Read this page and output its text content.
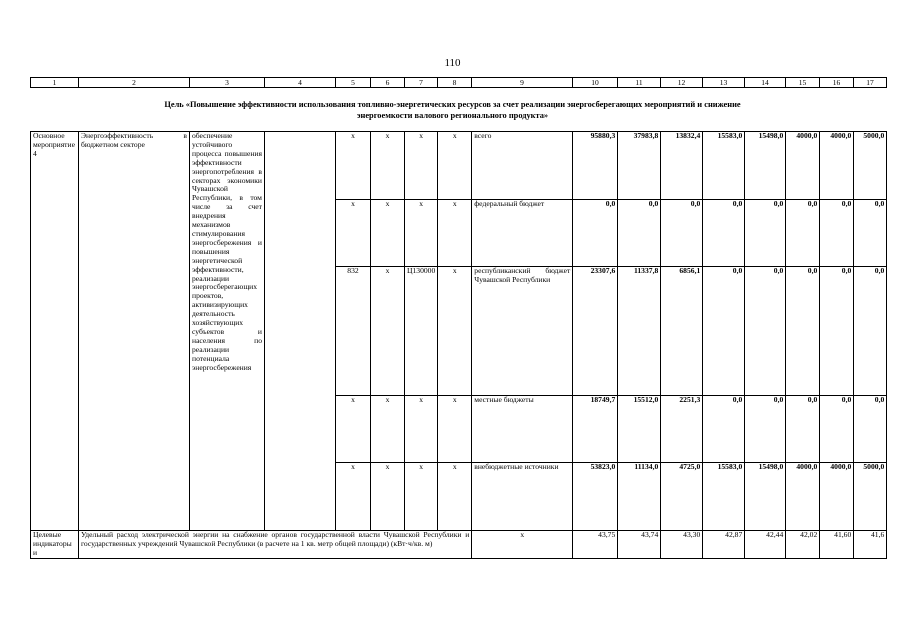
110
1	2	3	4	5	6	7	8	9	10	11	12	13	14	15	16	17
Цель «Повышение эффективности использования топливно-энергетических ресурсов за счет реализации энергосберегающих мероприятий и снижение энергоемкости валового регионального продукта»
Основное мероприятие 4	Энергоэффективность в бюджетном секторе	обеспечение устойчивого процесса повышения эффективности энергопотребления в секторах экономики Чувашской Республики, в том числе за счет внедрения механизмов стимулирования энергосбережения и повышения энергетической эффективности, реализации энергосберегающих проектов, активизирующих деятельность хозяйствующих субъектов и населения по реализации потенциала энергосбережения		x	x	x	x	всего	95880,3	37983,8	13832,4	15583,0	15498,0	4000,0	4000,0	5000,0
				x	x	x	x	федеральный бюджет	0,0	0,0	0,0	0,0	0,0	0,0	0,0	0,0
				832	x	Ц130000	x	республиканский бюджет Чувашской Республики	23307,6	11337,8	6856,1	0,0	0,0	0,0	0,0	0,0
				x	x	x	x	местные бюджеты	18749,7	15512,0	2251,3	0,0	0,0	0,0	0,0	0,0
				x	x	x	x	внебюджетные источники	53823,0	11134,0	4725,0	15583,0	15498,0	4000,0	4000,0	5000,0
Целевые индикаторы и	Удельный расход электрической энергии на снабжение органов государственной власти Чувашской Республики и государственных учреждений Чувашской Республики (в расчете на 1 кв. метр общей площади) (кВт·ч/кв. м)							x	43,75	43,74	43,30	42,87	42,44	42,02	41,60	41,6
